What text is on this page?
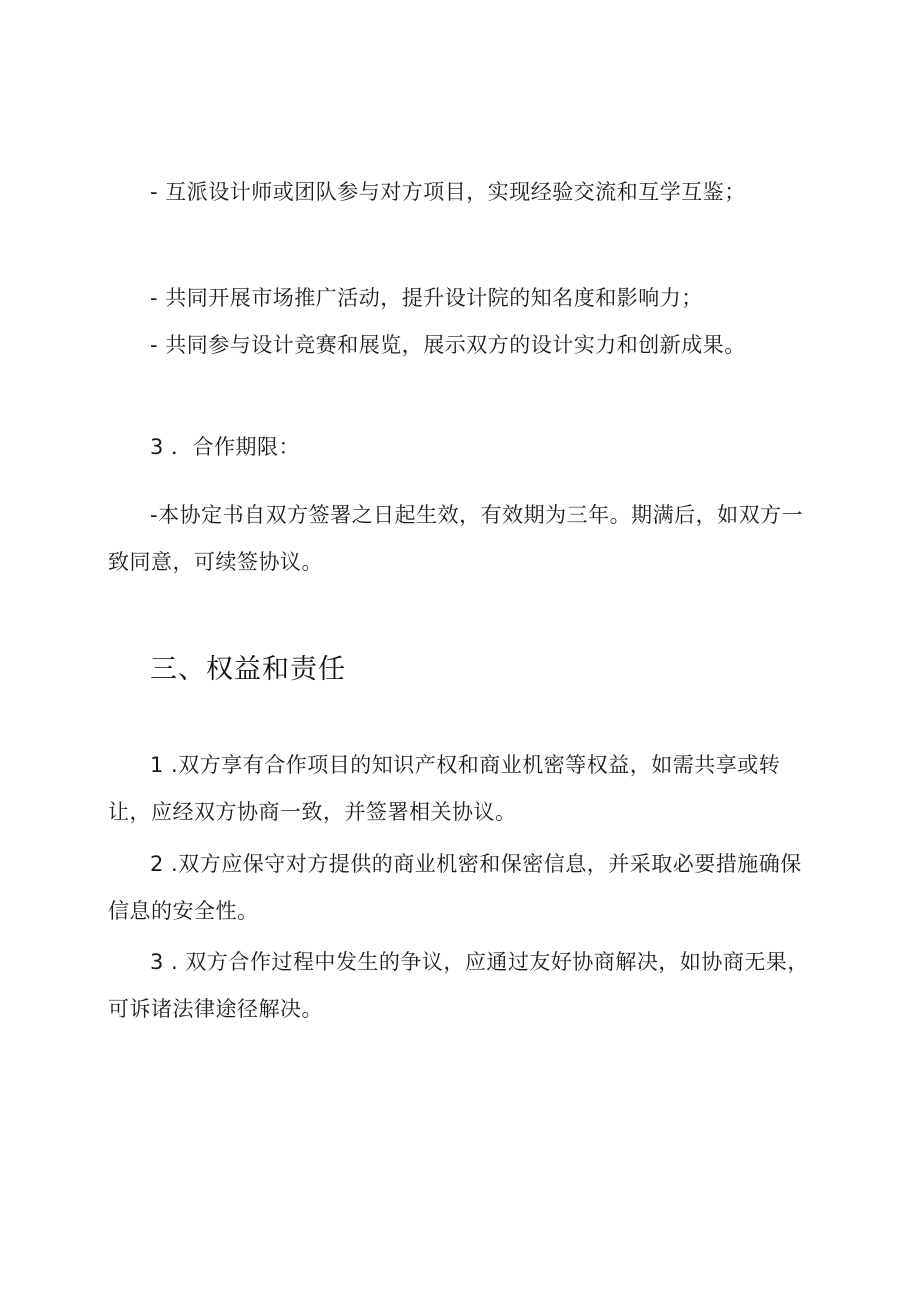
- 互派设计师或团队参与对方项目，实现经验交流和互学互鉴；
- 共同开展市场推广活动，提升设计院的知名度和影响力；
- 共同参与设计竞赛和展览，展示双方的设计实力和创新成果。
3 ．合作期限：
-本协定书自双方签署之日起生效，有效期为三年。期满后，如双方一
致同意，可续签协议。
三、权益和责任
1 .双方享有合作项目的知识产权和商业机密等权益，如需共享或转
让，应经双方协商一致，并签署相关协议。
2 .双方应保守对方提供的商业机密和保密信息，并采取必要措施确保
信息的安全性。
3 . 双方合作过程中发生的争议，应通过友好协商解决，如协商无果，
可诉诸法律途径解决。
